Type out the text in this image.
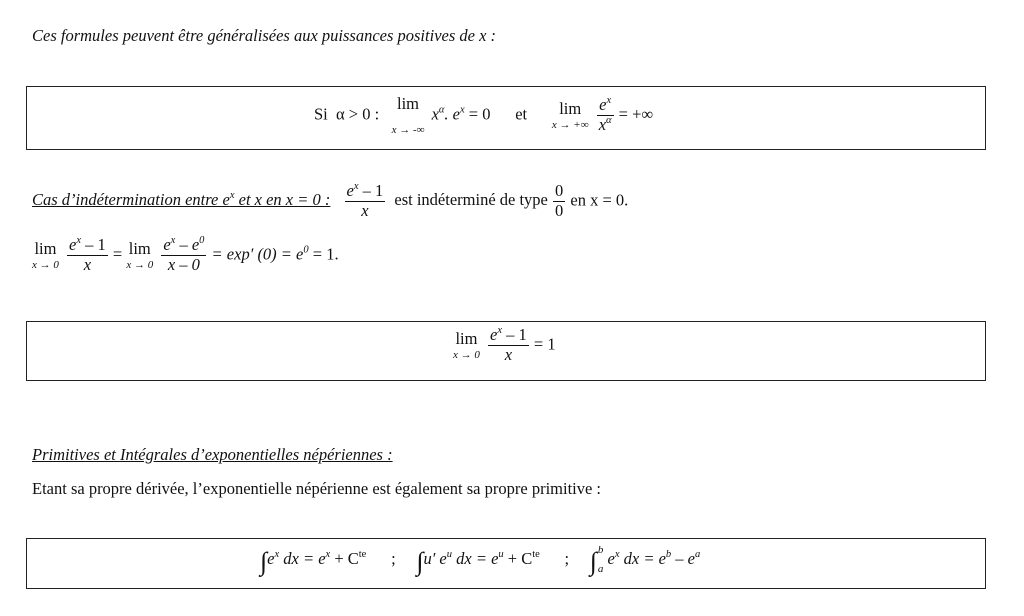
Ces formules peuvent être généralisées aux puissances positives de x :
Si α > 0 :
lim
x → -∞
$x^\alpha$. $e^x = 0$ et	lim
x → +∞
$\frac{e^x}{x^\alpha}$ = +∞
Cas d’indétermination entre $e^x$ et x en x = 0 : $\frac{e^x - 1}{x}$ est indéterminé de type $\frac{0}{0}$ en x = 0.
lim
x → 0
$\frac{e^x - 1}{x} = \lim$
x → 0
$\frac{e^x - e^0}{x - 0} = \exp'$ $(0) = e^0 = 1$.
lim
x → 0
$\frac{e^x - 1}{x} = 1$
Primitives et Intégrales d’exponentielles népériennes :
Etant sa propre dérivée, l’exponentielle népérienne est également sa propre primitive :
$\int e^x$ dx = $e^x + C^{te}$ ; ∫u′ $e^u$ dx = $e^u + C^{te}$ ; ∫ b
a
$e^x$ dx = $e^b - e^a$
